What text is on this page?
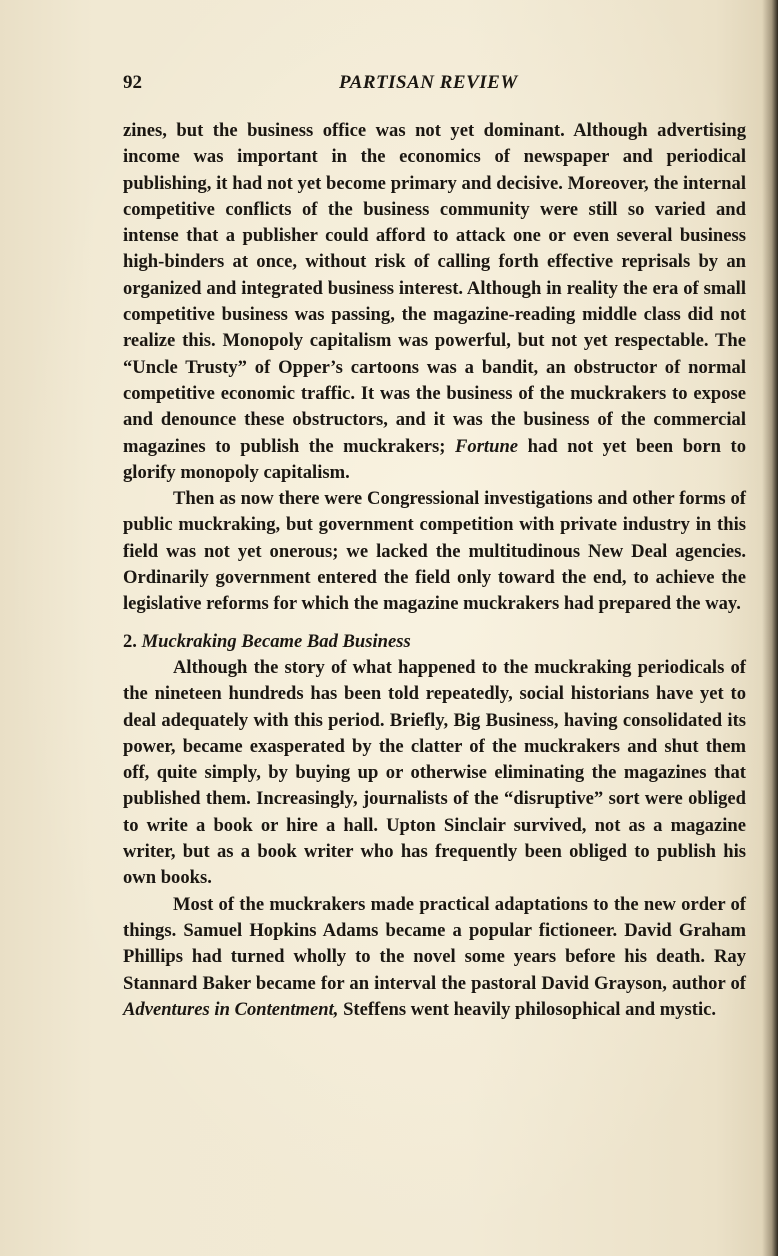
92	PARTISAN REVIEW

zines, but the business office was not yet dominant. Although advertising income was important in the economics of newspaper and periodical publishing, it had not yet become primary and decisive. Moreover, the internal competitive conflicts of the business community were still so varied and intense that a publisher could afford to attack one or even several business high-binders at once, without risk of calling forth effective reprisals by an organized and integrated business interest. Although in reality the era of small competitive business was passing, the magazine-reading middle class did not realize this. Monopoly capitalism was powerful, but not yet respectable. The “Uncle Trusty” of Opper’s cartoons was a bandit, an obstructor of normal competitive economic traffic. It was the business of the muckrakers to expose and denounce these obstructors, and it was the business of the commercial magazines to publish the muckrakers; Fortune had not yet been born to glorify monopoly capitalism.

Then as now there were Congressional investigations and other forms of public muckraking, but government competition with private industry in this field was not yet onerous; we lacked the multitudinous New Deal agencies. Ordinarily government entered the field only toward the end, to achieve the legislative reforms for which the magazine muckrakers had prepared the way.

2. Muckraking Became Bad Business

Although the story of what happened to the muckraking periodicals of the nineteen hundreds has been told repeatedly, social historians have yet to deal adequately with this period. Briefly, Big Business, having consolidated its power, became exasperated by the clatter of the muckrakers and shut them off, quite simply, by buying up or otherwise eliminating the magazines that published them. Increasingly, journalists of the “disruptive” sort were obliged to write a book or hire a hall. Upton Sinclair survived, not as a magazine writer, but as a book writer who has frequently been obliged to publish his own books.

Most of the muckrakers made practical adaptations to the new order of things. Samuel Hopkins Adams became a popular fictioneer. David Graham Phillips had turned wholly to the novel some years before his death. Ray Stannard Baker became for an interval the pastoral David Grayson, author of Adventures in Contentment, Steffens went heavily philosophical and mystic.
